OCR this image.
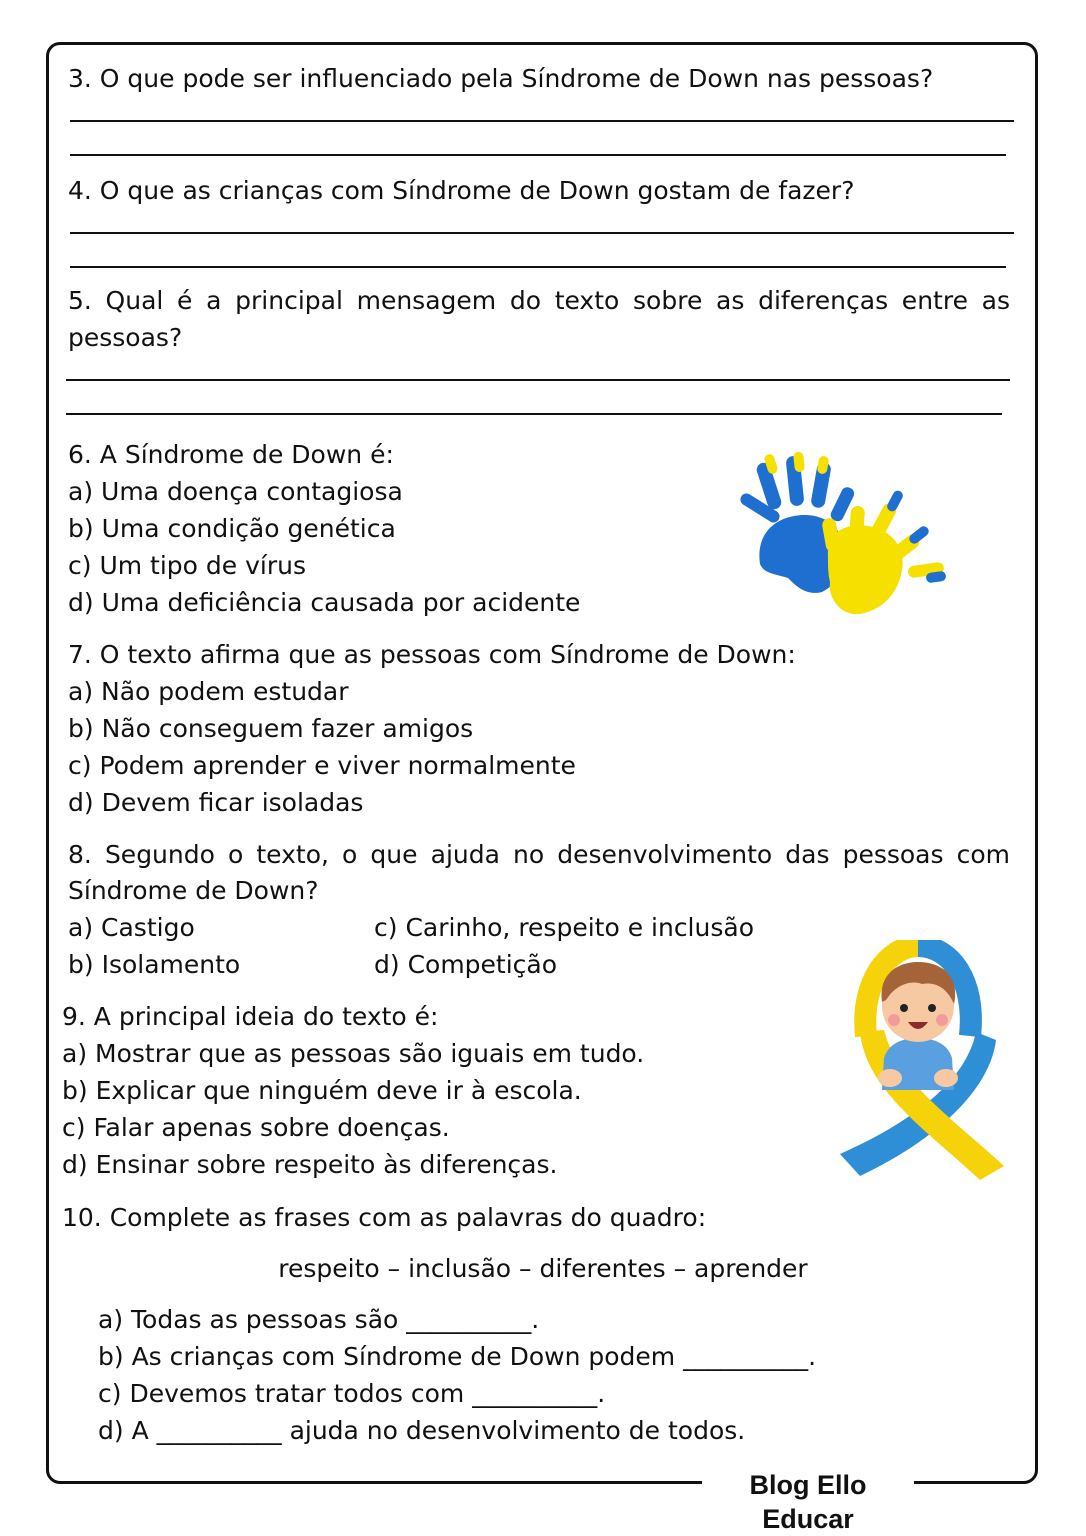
Blog Ello Educar
3. O que pode ser influenciado pela Síndrome de Down nas pessoas?
4. O que as crianças com Síndrome de Down gostam de fazer?
5. Qual é a principal mensagem do texto sobre as diferenças entre as
pessoas?
6. A Síndrome de Down é:
a) Uma doença contagiosa
b) Uma condição genética
c) Um tipo de vírus
d) Uma deficiência causada por acidente
7. O texto afirma que as pessoas com Síndrome de Down:
a) Não podem estudar
b) Não conseguem fazer amigos
c) Podem aprender e viver normalmente
d) Devem ficar isoladas
8. Segundo o texto, o que ajuda no desenvolvimento das pessoas com
Síndrome de Down?
a) Castigo
b) Isolamento
c) Carinho, respeito e inclusão
d) Competição
9. A principal ideia do texto é:
a) Mostrar que as pessoas são iguais em tudo.
b) Explicar que ninguém deve ir à escola.
c) Falar apenas sobre doenças.
d) Ensinar sobre respeito às diferenças.
10. Complete as frases com as palavras do quadro:
respeito – inclusão – diferentes – aprender
a) Todas as pessoas são __________.
b) As crianças com Síndrome de Down podem __________.
c) Devemos tratar todos com __________.
d) A __________ ajuda no desenvolvimento de todos.
